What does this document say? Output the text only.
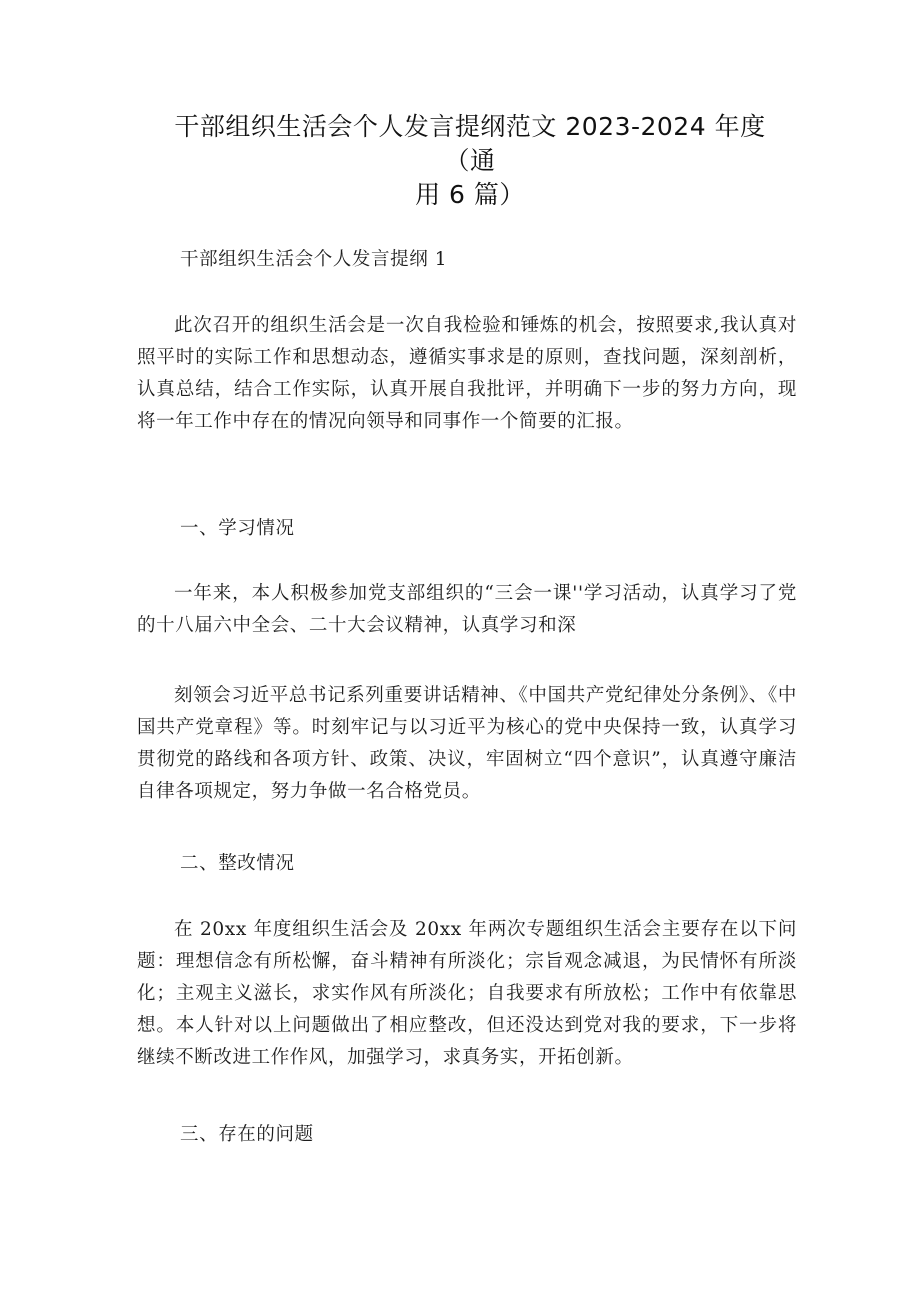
干部组织生活会个人发言提纲范文 2023-2024 年度（通
用 6 篇）

干部组织生活会个人发言提纲 1

此次召开的组织生活会是一次自我检验和锤炼的机会，按照要求,我认真对照平时的实际工作和思想动态，遵循实事求是的原则，查找问题，深刻剖析，认真总结，结合工作实际，认真开展自我批评，并明确下一步的努力方向，现将一年工作中存在的情况向领导和同事作一个简要的汇报。

一、学习情况

一年来，本人积极参加党支部组织的“三会一课''学习活动，认真学习了党的十八届六中全会、二十大会议精神，认真学习和深

刻领会习近平总书记系列重要讲话精神、《中国共产党纪律处分条例》、《中国共产党章程》等。时刻牢记与以习近平为核心的党中央保持一致，认真学习贯彻党的路线和各项方针、政策、决议，牢固树立“四个意识”，认真遵守廉洁自律各项规定，努力争做一名合格党员。

二、整改情况

在 20xx 年度组织生活会及 20xx 年两次专题组织生活会主要存在以下问题：理想信念有所松懈，奋斗精神有所淡化；宗旨观念减退，为民情怀有所淡化；主观主义滋长，求实作风有所淡化；自我要求有所放松；工作中有依靠思想。本人针对以上问题做出了相应整改，但还没达到党对我的要求，下一步将继续不断改进工作作风，加强学习，求真务实，开拓创新。

三、存在的问题
